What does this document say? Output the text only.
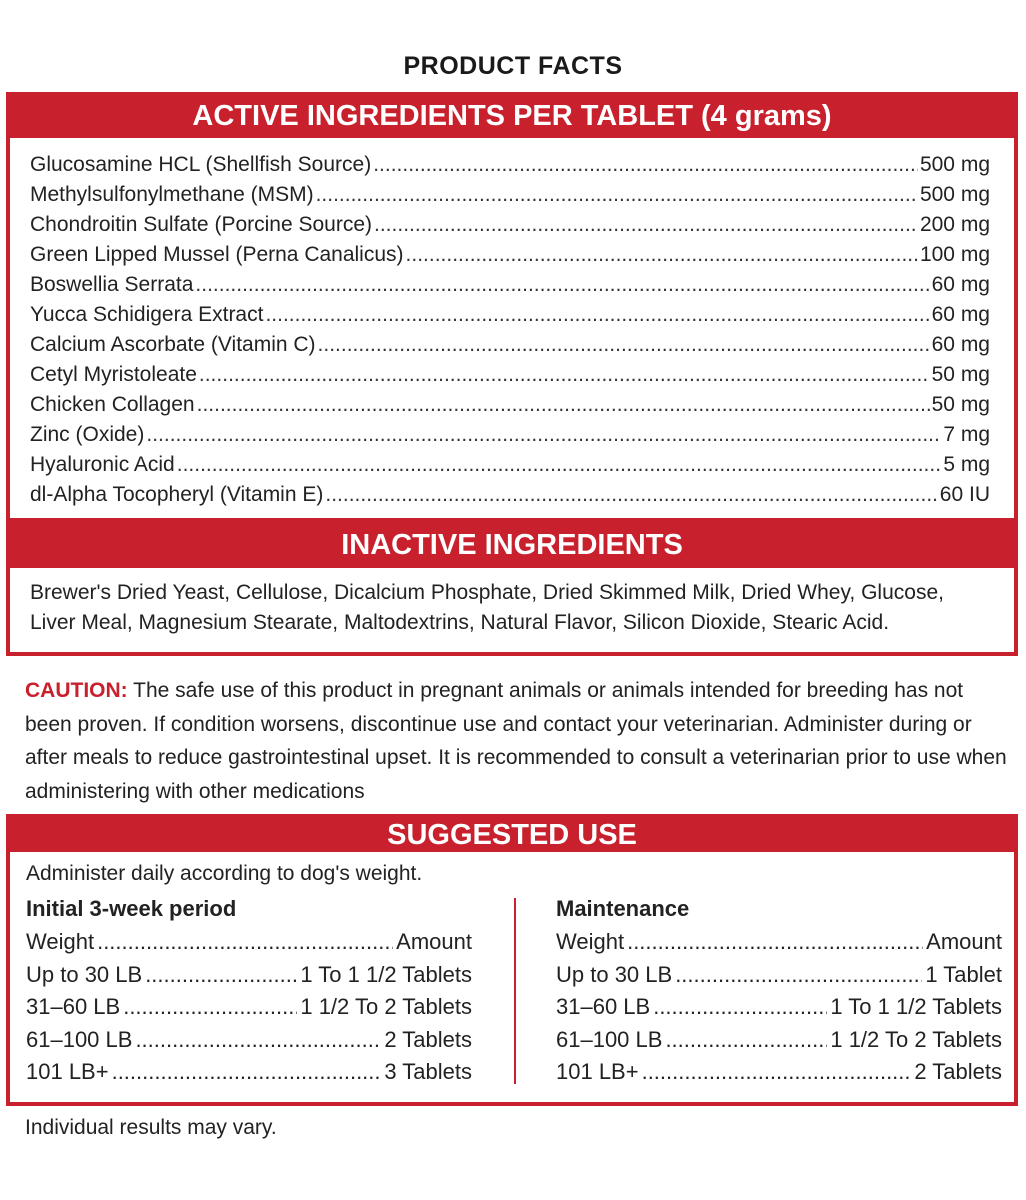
PRODUCT FACTS
ACTIVE INGREDIENTS PER TABLET (4 grams)
Glucosamine HCL (Shellfish Source) .....	500 mg
Methylsulfonylmethane (MSM) .....	500 mg
Chondroitin Sulfate (Porcine Source) .....	200 mg
Green Lipped Mussel (Perna Canalicus) .....	100 mg
Boswellia Serrata .....	60 mg
Yucca Schidigera Extract .....	60 mg
Calcium Ascorbate (Vitamin C) .....	60 mg
Cetyl Myristoleate .....	50 mg
Chicken Collagen .....	50 mg
Zinc (Oxide) .....	7 mg
Hyaluronic Acid .....	5 mg
dl-Alpha Tocopheryl (Vitamin E) .....	60 IU
INACTIVE INGREDIENTS
Brewer's Dried Yeast, Cellulose, Dicalcium Phosphate, Dried Skimmed Milk, Dried Whey, Glucose, Liver Meal, Magnesium Stearate, Maltodextrins, Natural Flavor, Silicon Dioxide, Stearic Acid.
CAUTION: The safe use of this product in pregnant animals or animals intended for breeding has not been proven. If condition worsens, discontinue use and contact your veterinarian. Administer during or after meals to reduce gastrointestinal upset. It is recommended to consult a veterinarian prior to use when administering with other medications
SUGGESTED USE
Administer daily according to dog's weight.
Initial 3-week period
Weight .....	Amount
Up to 30 LB .....	1 To 1 1/2 Tablets
31–60 LB .....	1 1/2 To 2 Tablets
61–100 LB .....	2 Tablets
101 LB+ .....	3 Tablets
Maintenance
Weight .....	Amount
Up to 30 LB .....	1 Tablet
31–60 LB .....	1 To 1 1/2 Tablets
61–100 LB .....	1 1/2 To 2 Tablets
101 LB+ .....	2 Tablets
Individual results may vary.
